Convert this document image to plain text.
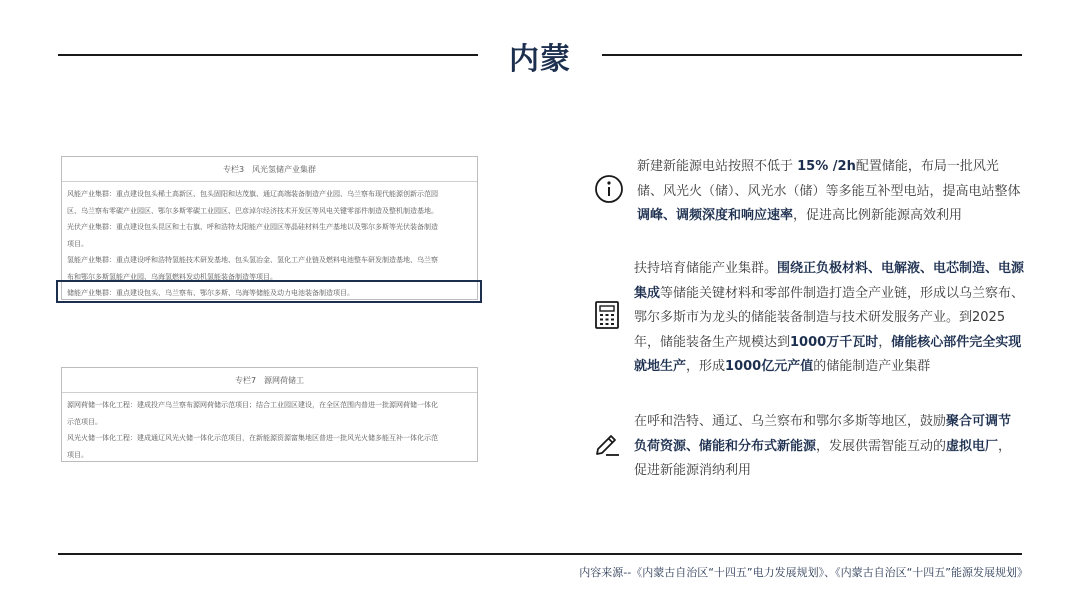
内蒙
专栏3　风光氢储产业集群
风能产业集群：重点建设包头稀土高新区、包头固阳和达茂旗、通辽高端装备制造产业园、乌兰察布现代能源创新示范园
区、乌兰察布零碳产业园区、鄂尔多斯零碳工业园区、巴彦淖尔经济技术开发区等风电关键零部件制造及整机制造基地。
光伏产业集群：重点建设包头昆区和土右旗、呼和浩特太阳能产业园区等晶硅材料生产基地以及鄂尔多斯等光伏装备制造
项目。
氢能产业集群：重点建设呼和浩特氢能技术研发基地、包头氢冶金、氢化工产业链及燃料电池整车研发制造基地、乌兰察
布和鄂尔多斯氢能产业园、乌海氢燃料发动机氢能装备制造等项目。
储能产业集群：重点建设包头、乌兰察布、鄂尔多斯、乌海等储能及动力电池装备制造项目。
专栏7　源网荷储工
源网荷储一体化工程：建成投产乌兰察布源网荷储示范项目；结合工业园区建设，在全区范围内普进一批源网荷储一体化
示范项目。
风光火储一体化工程：建成通辽风光火储一体化示范项目，在新能源资源富集地区普进一批风光火储多能互补一体化示范
项目。
新建新能源电站按照不低于 15% /2h配置储能，布局一批风光储、风光火（储）、风光水（储）等多能互补型电站，提高电站整体调峰、调频深度和响应速率，促进高比例新能源高效利用
扶持培育储能产业集群。围绕正负极材料、电解液、电芯制造、电源集成等储能关键材料和零部件制造打造全产业链，形成以乌兰察布、鄂尔多斯市为龙头的储能装备制造与技术研发服务产业。到2025年，储能装备生产规模达到1000万千瓦时，储能核心部件完全实现就地生产，形成1000亿元产值的储能制造产业集群
在呼和浩特、通辽、乌兰察布和鄂尔多斯等地区，鼓励聚合可调节负荷资源、储能和分布式新能源，发展供需智能互动的虚拟电厂，促进新能源消纳利用
内容来源--《内蒙古自治区“十四五”电力发展规划》、《内蒙古自治区“十四五”能源发展规划》
